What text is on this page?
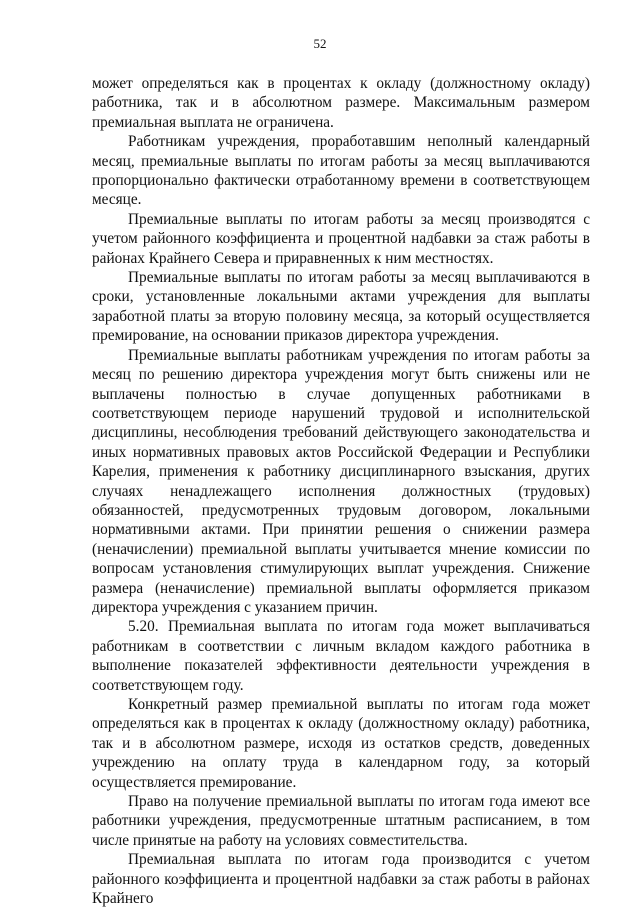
52

может определяться как в процентах к окладу (должностному окладу) работника, так и в абсолютном размере. Максимальным размером премиальная выплата не ограничена.

Работникам учреждения, проработавшим неполный календарный месяц, премиальные выплаты по итогам работы за месяц выплачиваются пропорционально фактически отработанному времени в соответствующем месяце.

Премиальные выплаты по итогам работы за месяц производятся с учетом районного коэффициента и процентной надбавки за стаж работы в районах Крайнего Севера и приравненных к ним местностях.

Премиальные выплаты по итогам работы за месяц выплачиваются в сроки, установленные локальными актами учреждения для выплаты заработной платы за вторую половину месяца, за который осуществляется премирование, на основании приказов директора учреждения.

Премиальные выплаты работникам учреждения по итогам работы за месяц по решению директора учреждения могут быть снижены или не выплачены полностью в случае допущенных работниками в соответствующем периоде нарушений трудовой и исполнительской дисциплины, несоблюдения требований действующего законодательства и иных нормативных правовых актов Российской Федерации и Республики Карелия, применения к работнику дисциплинарного взыскания, других случаях ненадлежащего исполнения должностных (трудовых) обязанностей, предусмотренных трудовым договором, локальными нормативными актами. При принятии решения о снижении размера (неначислении) премиальной выплаты учитывается мнение комиссии по вопросам установления стимулирующих выплат учреждения. Снижение размера (неначисление) премиальной выплаты оформляется приказом директора учреждения с указанием причин.

5.20. Премиальная выплата по итогам года может выплачиваться работникам в соответствии с личным вкладом каждого работника в выполнение показателей эффективности деятельности учреждения в соответствующем году.

Конкретный размер премиальной выплаты по итогам года может определяться как в процентах к окладу (должностному окладу) работника, так и в абсолютном размере, исходя из остатков средств, доведенных учреждению на оплату труда в календарном году, за который осуществляется премирование.

Право на получение премиальной выплаты по итогам года имеют все работники учреждения, предусмотренные штатным расписанием, в том числе принятые на работу на условиях совместительства.

Премиальная выплата по итогам года производится с учетом районного коэффициента и процентной надбавки за стаж работы в районах Крайнего
